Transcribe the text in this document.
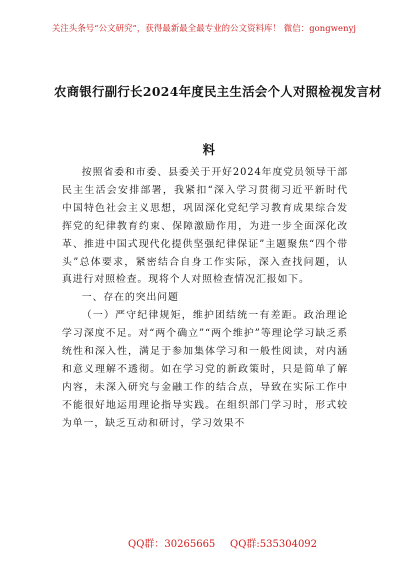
关注头条号“公文研究”，获得最新最全最专业的公文资料库！ 微信：gongwenyj
农商银行副行长2024年度民主生活会个人对照检视发言材
料

按照省委和市委、县委关于开好2024年度党员领导干部民主生活会安排部署，我紧扣“深入学习贯彻习近平新时代中国特色社会主义思想，巩固深化党纪学习教育成果综合发挥党的纪律教育约束、保障激励作用，为进一步全面深化改革、推进中国式现代化提供坚强纪律保证”主题聚焦“四个带头”总体要求，紧密结合自身工作实际，深入查找问题，认真进行对照检查。现将个人对照检查情况汇报如下。

一、存在的突出问题

（一）严守纪律规矩，维护团结统一有差距。政治理论学习深度不足。对“两个确立”“两个维护”等理论学习缺乏系统性和深入性，满足于参加集体学习和一般性阅读，对内涵和意义理解不透彻。如在学习党的新政策时，只是简单了解内容，未深入研究与金融工作的结合点，导致在实际工作中不能很好地运用理论指导实践。在组织部门学习时，形式较为单一，缺乏互动和研讨，学习效果不

QQ群：30265665 QQ群:535304092
